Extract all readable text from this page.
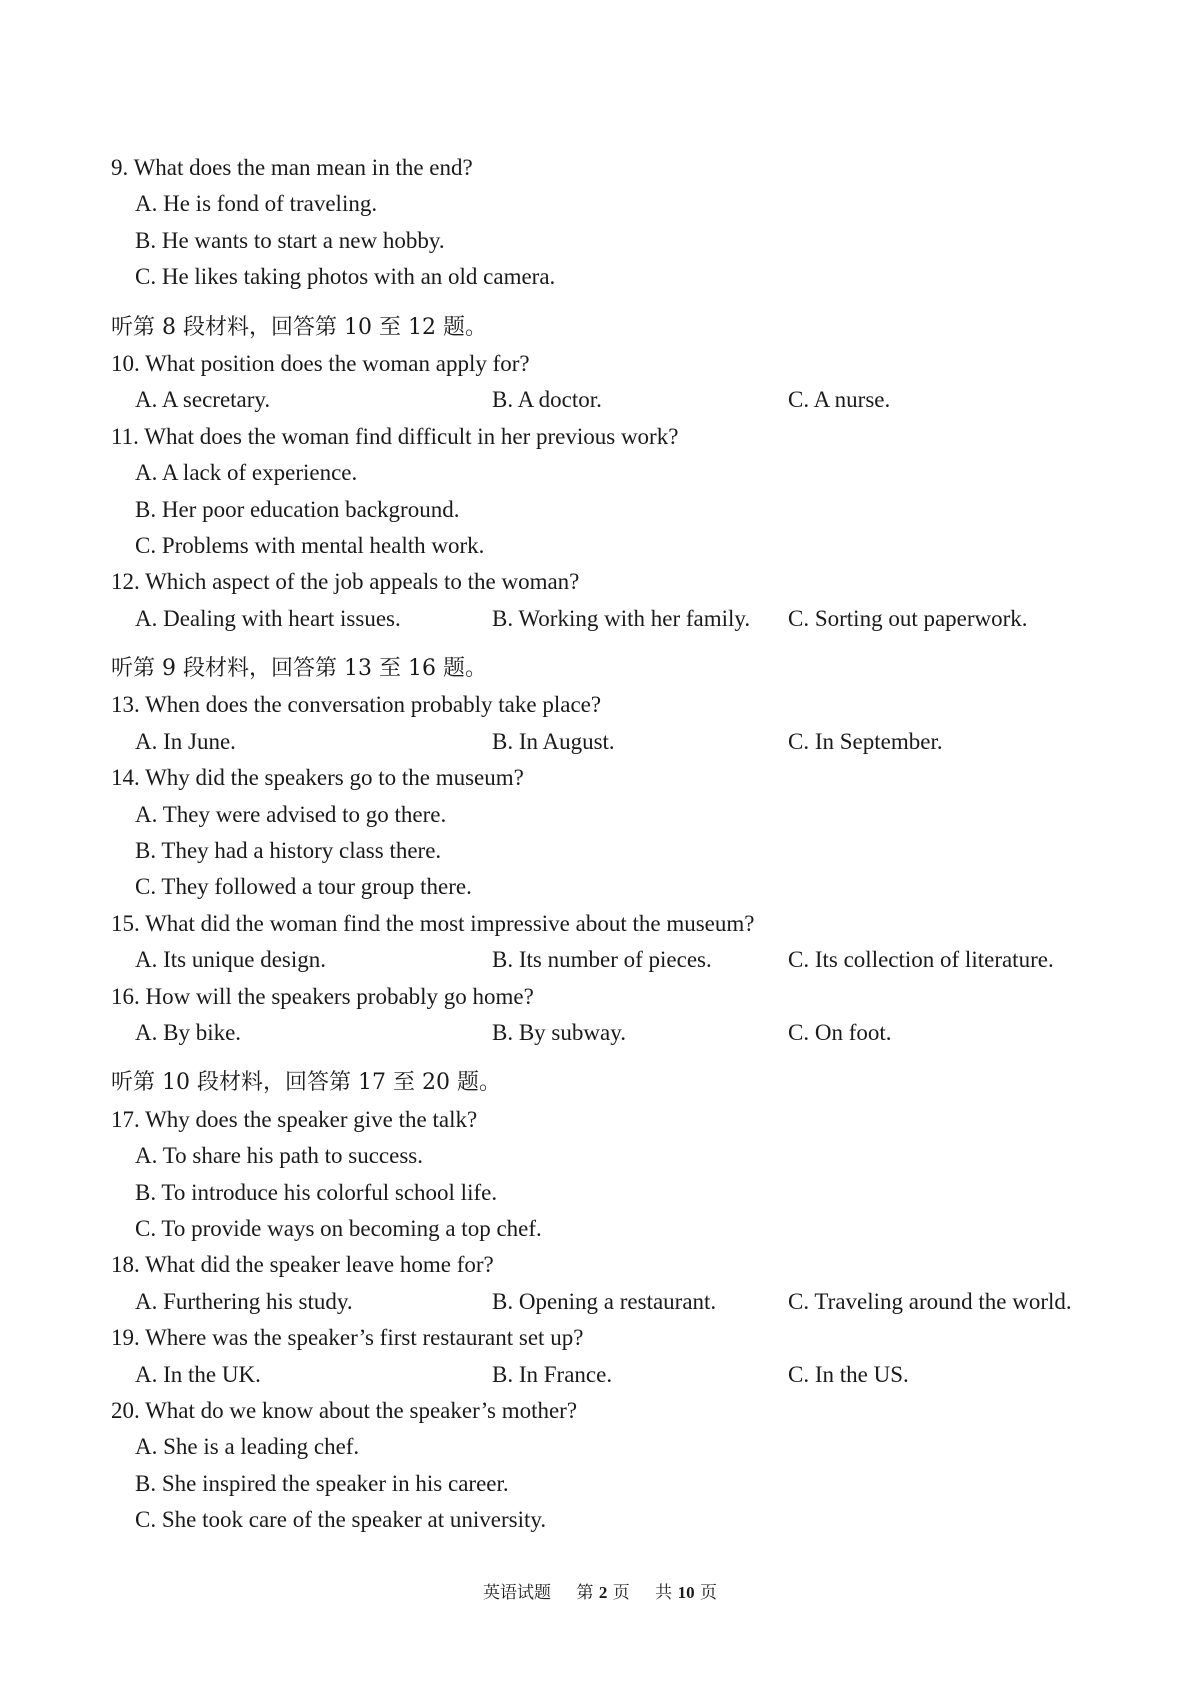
9. What does the man mean in the end?
A. He is fond of traveling.
B. He wants to start a new hobby.
C. He likes taking photos with an old camera.
听第 8 段材料，回答第 10 至 12 题。
10. What position does the woman apply for?
A. A secretary.	B. A doctor.	C. A nurse.
11. What does the woman find difficult in her previous work?
A. A lack of experience.
B. Her poor education background.
C. Problems with mental health work.
12. Which aspect of the job appeals to the woman?
A. Dealing with heart issues.	B. Working with her family. C. Sorting out paperwork.
听第 9 段材料，回答第 13 至 16 题。
13. When does the conversation probably take place?
A. In June.	B. In August.	C. In September.
14. Why did the speakers go to the museum?
A. They were advised to go there.
B. They had a history class there.
C. They followed a tour group there.
15. What did the woman find the most impressive about the museum?
A. Its unique design.	B. Its number of pieces.	C. Its collection of literature.
16. How will the speakers probably go home?
A. By bike.	B. By subway.	C. On foot.
听第 10 段材料，回答第 17 至 20 题。
17. Why does the speaker give the talk?
A. To share his path to success.
B. To introduce his colorful school life.
C. To provide ways on becoming a top chef.
18. What did the speaker leave home for?
A. Furthering his study.	B. Opening a restaurant.	C. Traveling around the world.
19. Where was the speaker’s first restaurant set up?
A. In the UK.	B. In France.	C. In the US.
20. What do we know about the speaker’s mother?
A. She is a leading chef.
B. She inspired the speaker in his career.
C. She took care of the speaker at university.
英语试题 第 2 页 共 10 页
